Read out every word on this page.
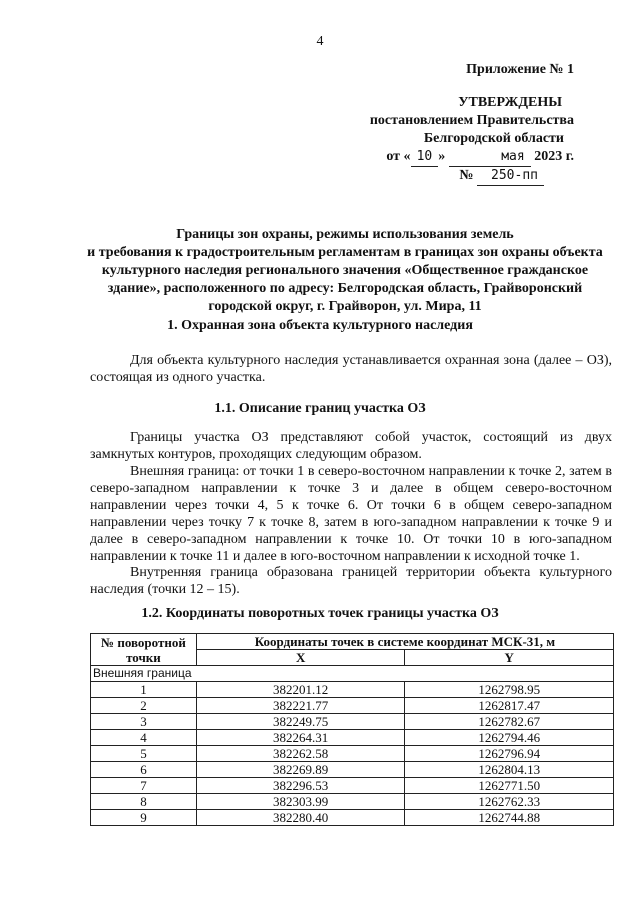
4
Приложение № 1
УТВЕРЖДЕНЫ
постановлением Правительства
Белгородской области
от « 10 »	мая 2023 г.
№ 250-пп
Границы зон охраны, режимы использования земель
и требования к градостроительным регламентам в границах зон охраны объекта
культурного наследия регионального значения «Общественное гражданское
здание», расположенного по адресу: Белгородская область, Грайворонский
городской округ, г. Грайворон, ул. Мира, 11
1. Охранная зона объекта культурного наследия
Для объекта культурного наследия устанавливается охранная зона (далее – ОЗ), состоящая из одного участка.
1.1. Описание границ участка ОЗ
Границы участка ОЗ представляют собой участок, состоящий из двух замкнутых контуров, проходящих следующим образом.
Внешняя граница: от точки 1 в северо-восточном направлении к точке 2, затем в северо-западном направлении к точке 3 и далее в общем северо-восточном направлении через точки 4, 5 к точке 6. От точки 6 в общем северо-западном направлении через точку 7 к точке 8, затем в юго-западном направлении к точке 9 и далее в северо-западном направлении к точке 10. От точки 10 в юго-западном направлении к точке 11 и далее в юго-восточном направлении к исходной точке 1.
Внутренняя граница образована границей территории объекта культурного наследия (точки 12 – 15).
1.2. Координаты поворотных точек границы участка ОЗ
№ поворотной точки	Координаты точек в системе координат МСК-31, м	
	X	Y
Внешняя граница		
1	382201.12	1262798.95
2	382221.77	1262817.47
3	382249.75	1262782.67
4	382264.31	1262794.46
5	382262.58	1262796.94
6	382269.89	1262804.13
7	382296.53	1262771.50
8	382303.99	1262762.33
9	382280.40	1262744.88
